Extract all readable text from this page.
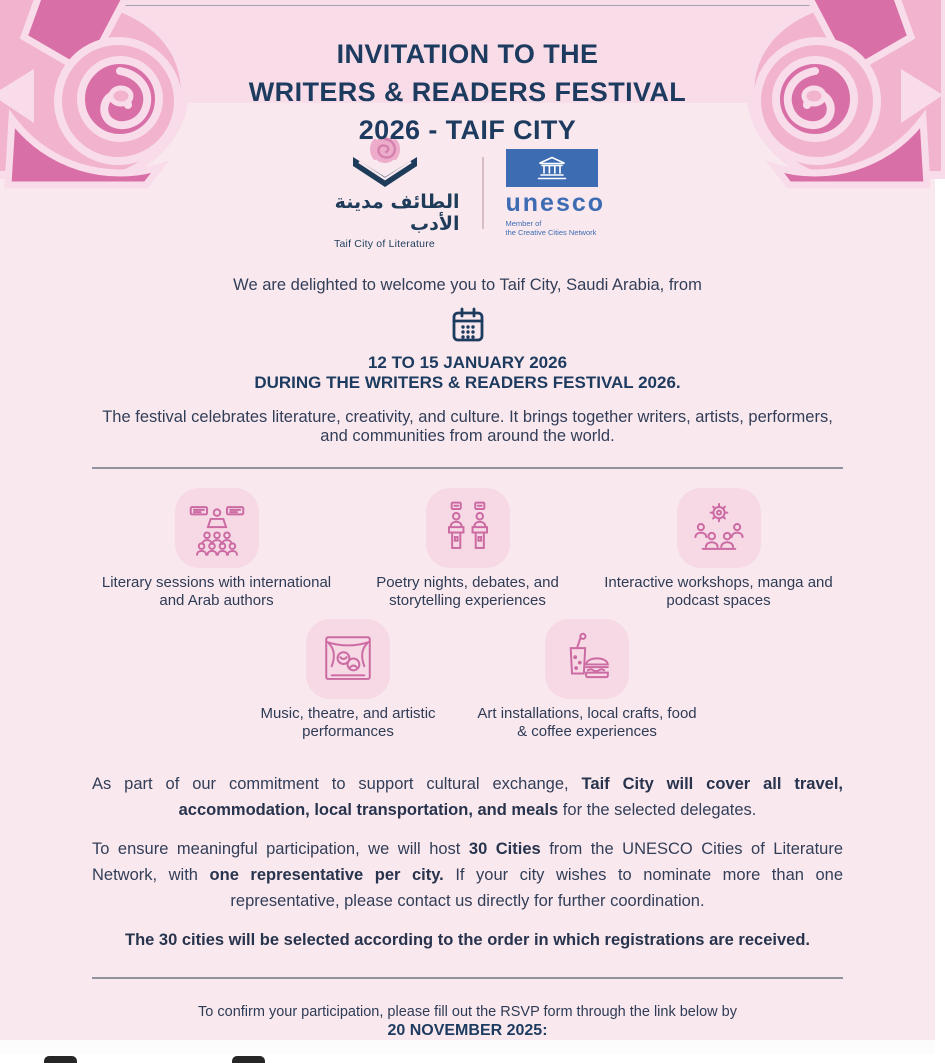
INVITATION TO THE
WRITERS & READERS FESTIVAL
2026 - TAIF CITY
الطائف مدينة الأدب
Taif City of Literature
unesco
Member of
the Creative Cities Network
We are delighted to welcome you to Taif City, Saudi Arabia, from
12 TO 15 JANUARY 2026
DURING THE WRITERS & READERS FESTIVAL 2026.
The festival celebrates literature, creativity, and culture. It brings together writers, artists, performers, and communities from around the world.
Literary sessions with international and Arab authors
Poetry nights, debates, and storytelling experiences
Interactive workshops, manga and podcast spaces
Music, theatre, and artistic performances
Art installations, local crafts, food & coffee experiences

As part of our commitment to support cultural exchange, Taif City will cover all travel, accommodation, local transportation, and meals for the selected delegates.

To ensure meaningful participation, we will host 30 Cities from the UNESCO Cities of Literature Network, with one representative per city. If your city wishes to nominate more than one representative, please contact us directly for further coordination.

The 30 cities will be selected according to the order in which registrations are received.

To confirm your participation, please fill out the RSVP form through the link below by
20 NOVEMBER 2025:
